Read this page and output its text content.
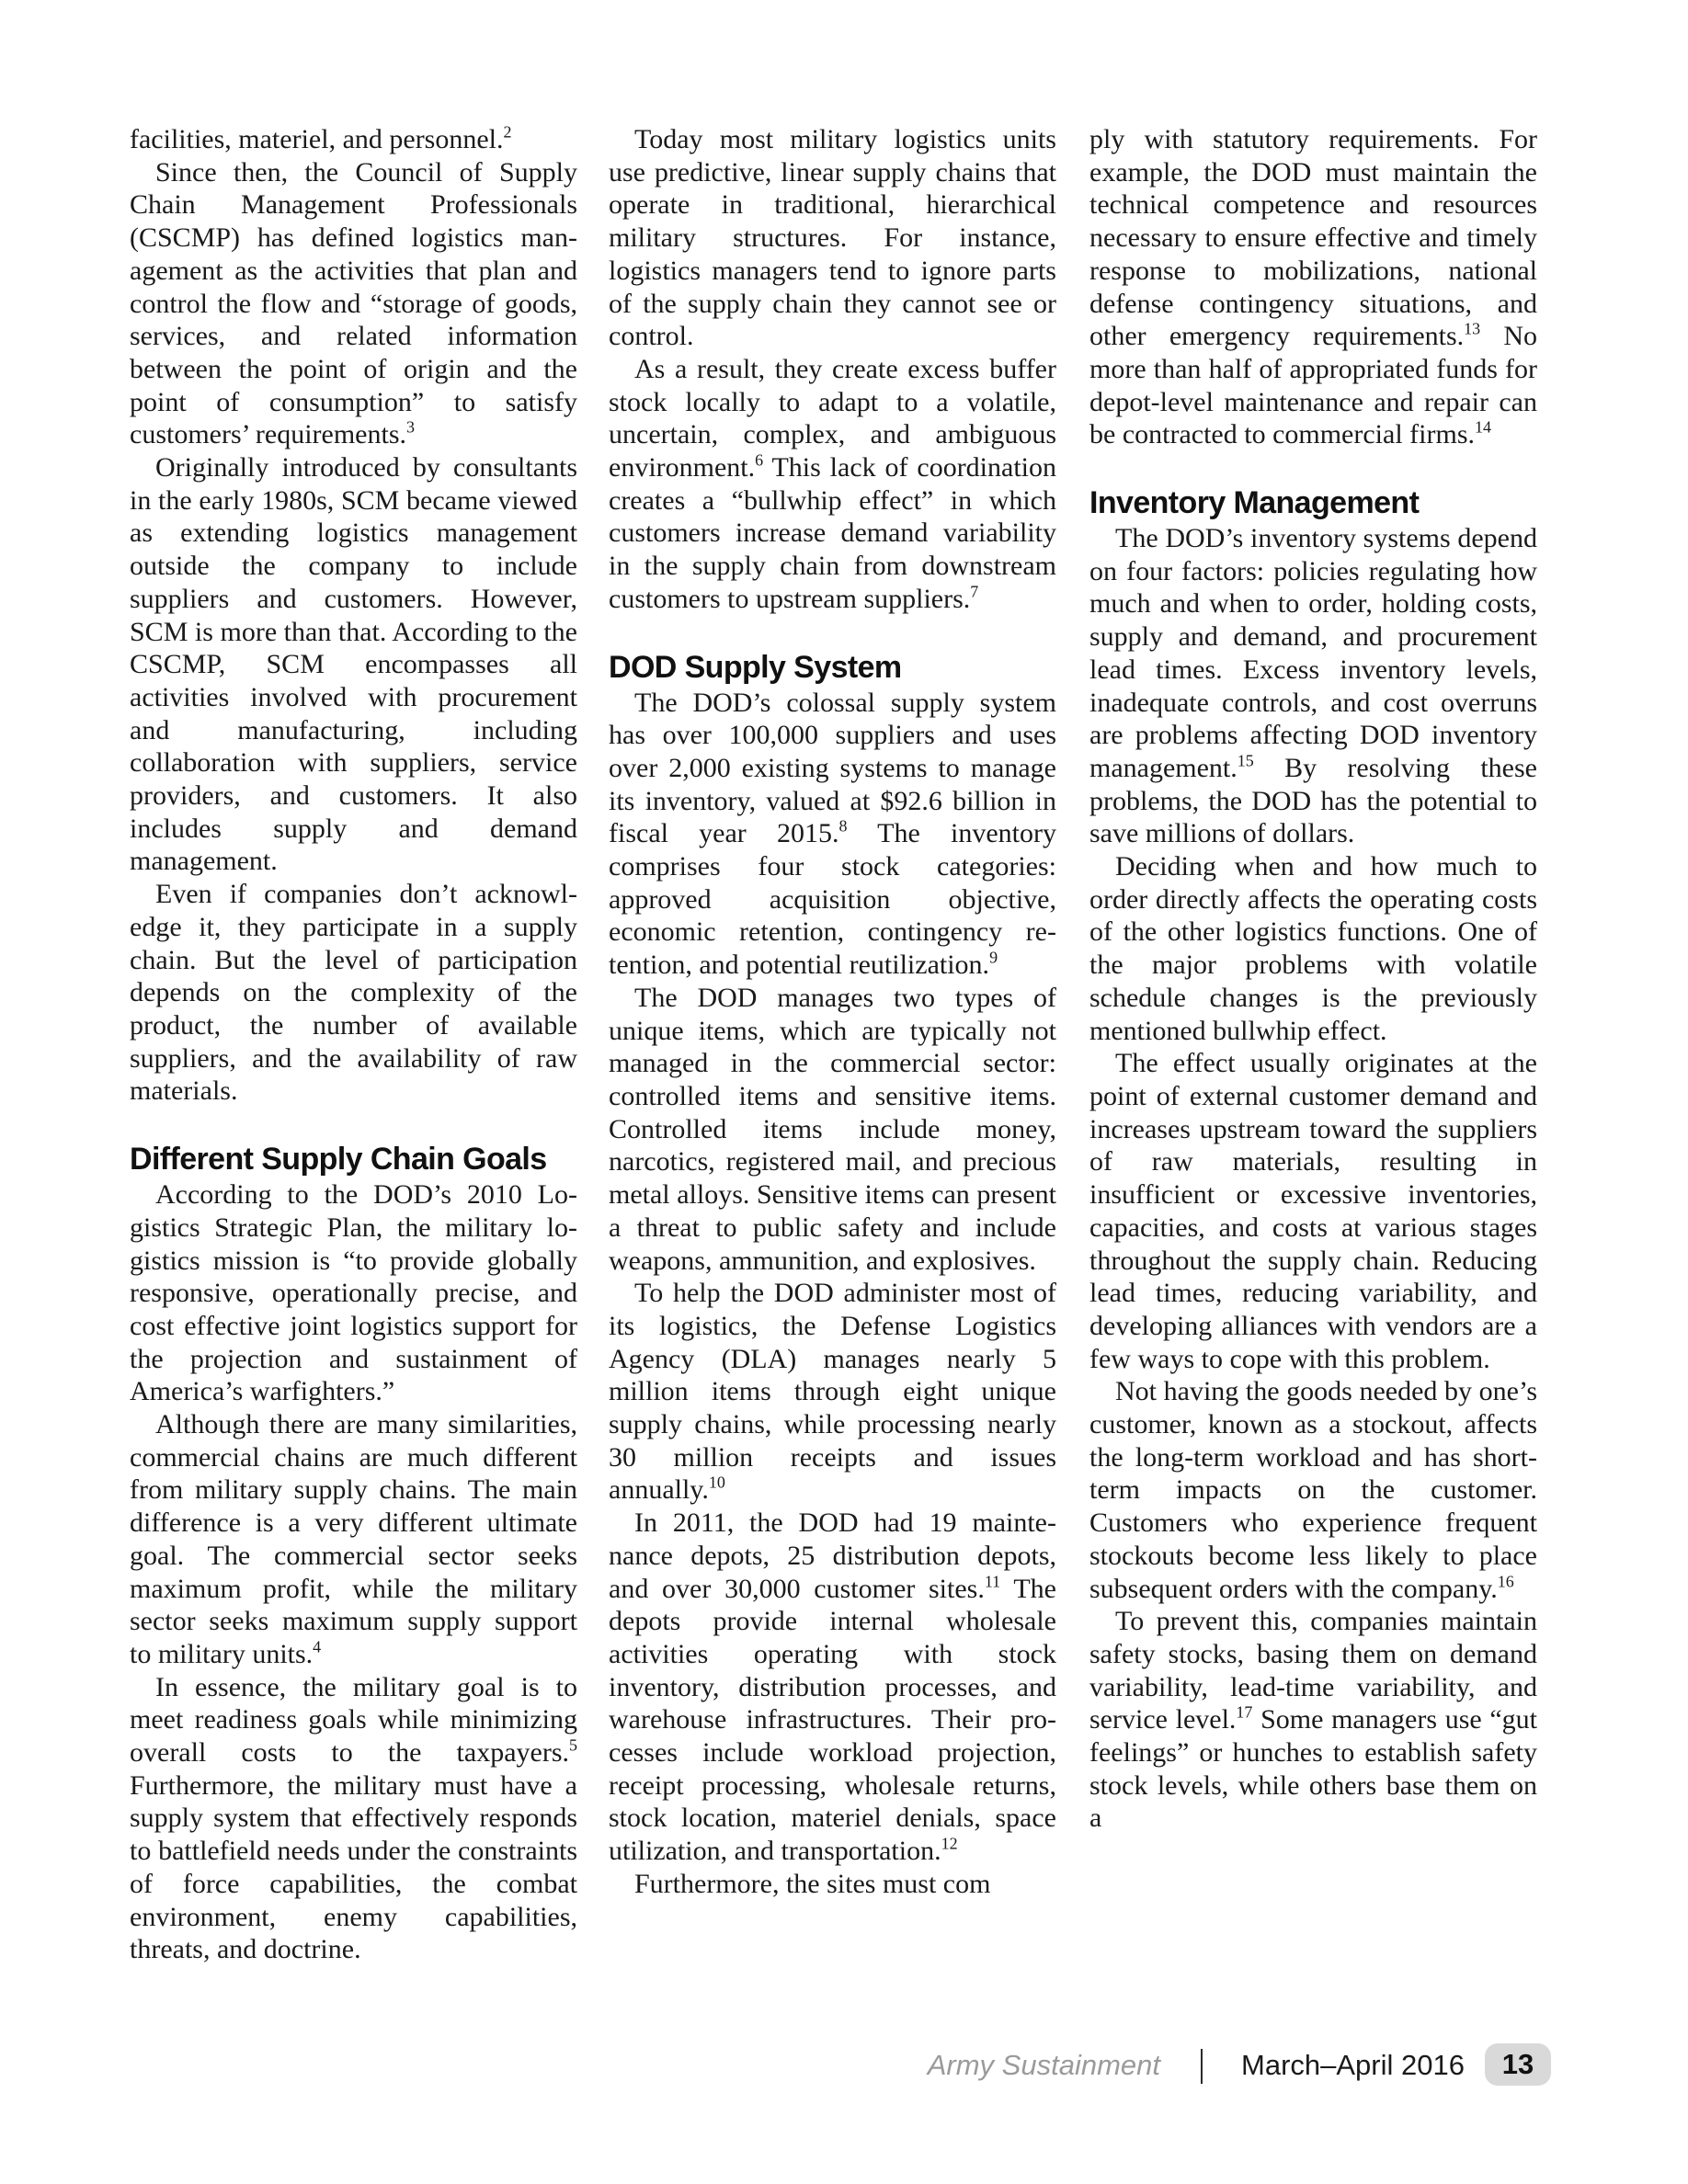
facilities, materiel, and personnel.$^2$

Since then, the Council of Supply Chain Management Professionals (CSCMP) has defined logistics management as the activities that plan and control the flow and “storage of goods, services, and related information between the point of origin and the point of consumption” to satisfy customers’ requirements.$^3$

Originally introduced by consultants in the early 1980s, SCM became viewed as extending logistics management outside the company to include suppliers and customers. However, SCM is more than that. According to the CSCMP, SCM encompasses all activities involved with procurement and manufacturing, including collaboration with suppliers, service providers, and customers. It also includes supply and demand management.

Even if companies don’t acknowledge it, they participate in a supply chain. But the level of participation depends on the complexity of the product, the number of available suppliers, and the availability of raw materials.

Different Supply Chain Goals

According to the DOD’s 2010 Logistics Strategic Plan, the military logistics mission is “to provide globally responsive, operationally precise, and cost effective joint logistics support for the projection and sustainment of America’s warfighters.”

Although there are many similarities, commercial chains are much different from military supply chains. The main difference is a very different ultimate goal. The commercial sector seeks maximum profit, while the military sector seeks maximum supply support to military units.$^4$

In essence, the military goal is to meet readiness goals while minimizing overall costs to the taxpayers.$^5$ Furthermore, the military must have a supply system that effectively responds to battlefield needs under the constraints of force capabilities, the combat environment, enemy capabilities, threats, and doctrine.

Today most military logistics units use predictive, linear supply chains that operate in traditional, hierarchical military structures. For instance, logistics managers tend to ignore parts of the supply chain they cannot see or control.

As a result, they create excess buffer stock locally to adapt to a volatile, uncertain, complex, and ambiguous environment.$^6$ This lack of coordination creates a “bullwhip effect” in which customers increase demand variability in the supply chain from downstream customers to upstream suppliers.$^7$

DOD Supply System

The DOD’s colossal supply system has over 100,000 suppliers and uses over 2,000 existing systems to manage its inventory, valued at $92.6 billion in fiscal year 2015.$^8$ The inventory comprises four stock categories: approved acquisition objective, economic retention, contingency retention, and potential reutilization.$^9$

The DOD manages two types of unique items, which are typically not managed in the commercial sector: controlled items and sensitive items. Controlled items include money, narcotics, registered mail, and precious metal alloys. Sensitive items can present a threat to public safety and include weapons, ammunition, and explosives.

To help the DOD administer most of its logistics, the Defense Logistics Agency (DLA) manages nearly 5 million items through eight unique supply chains, while processing nearly 30 million receipts and issues annually.$^{10}$

In 2011, the DOD had 19 maintenance depots, 25 distribution depots, and over 30,000 customer sites.$^{11}$ The depots provide internal wholesale activities operating with stock inventory, distribution processes, and warehouse infrastructures. Their processes include workload projection, receipt processing, wholesale returns, stock location, materiel denials, space utilization, and transportation.$^{12}$

Furthermore, the sites must com

ply with statutory requirements. For example, the DOD must maintain the technical competence and resources necessary to ensure effective and timely response to mobilizations, national defense contingency situations, and other emergency requirements.$^{13}$ No more than half of appropriated funds for depot-level maintenance and repair can be contracted to commercial firms.$^{14}$

Inventory Management

The DOD’s inventory systems depend on four factors: policies regulating how much and when to order, holding costs, supply and demand, and procurement lead times. Excess inventory levels, inadequate controls, and cost overruns are problems affecting DOD inventory management.$^{15}$ By resolving these problems, the DOD has the potential to save millions of dollars.

Deciding when and how much to order directly affects the operating costs of the other logistics functions. One of the major problems with volatile schedule changes is the previously mentioned bullwhip effect.

The effect usually originates at the point of external customer demand and increases upstream toward the suppliers of raw materials, resulting in insufficient or excessive inventories, capacities, and costs at various stages throughout the supply chain. Reducing lead times, reducing variability, and developing alliances with vendors are a few ways to cope with this problem.

Not having the goods needed by one’s customer, known as a stockout, affects the long-term workload and has short-term impacts on the customer. Customers who experience frequent stockouts become less likely to place subsequent orders with the company.$^{16}$

To prevent this, companies maintain safety stocks, basing them on demand variability, lead-time variability, and service level.$^{17}$ Some managers use “gut feelings” or hunches to establish safety stock levels, while others base them on a

Army Sustainment	March–April 2016	13
